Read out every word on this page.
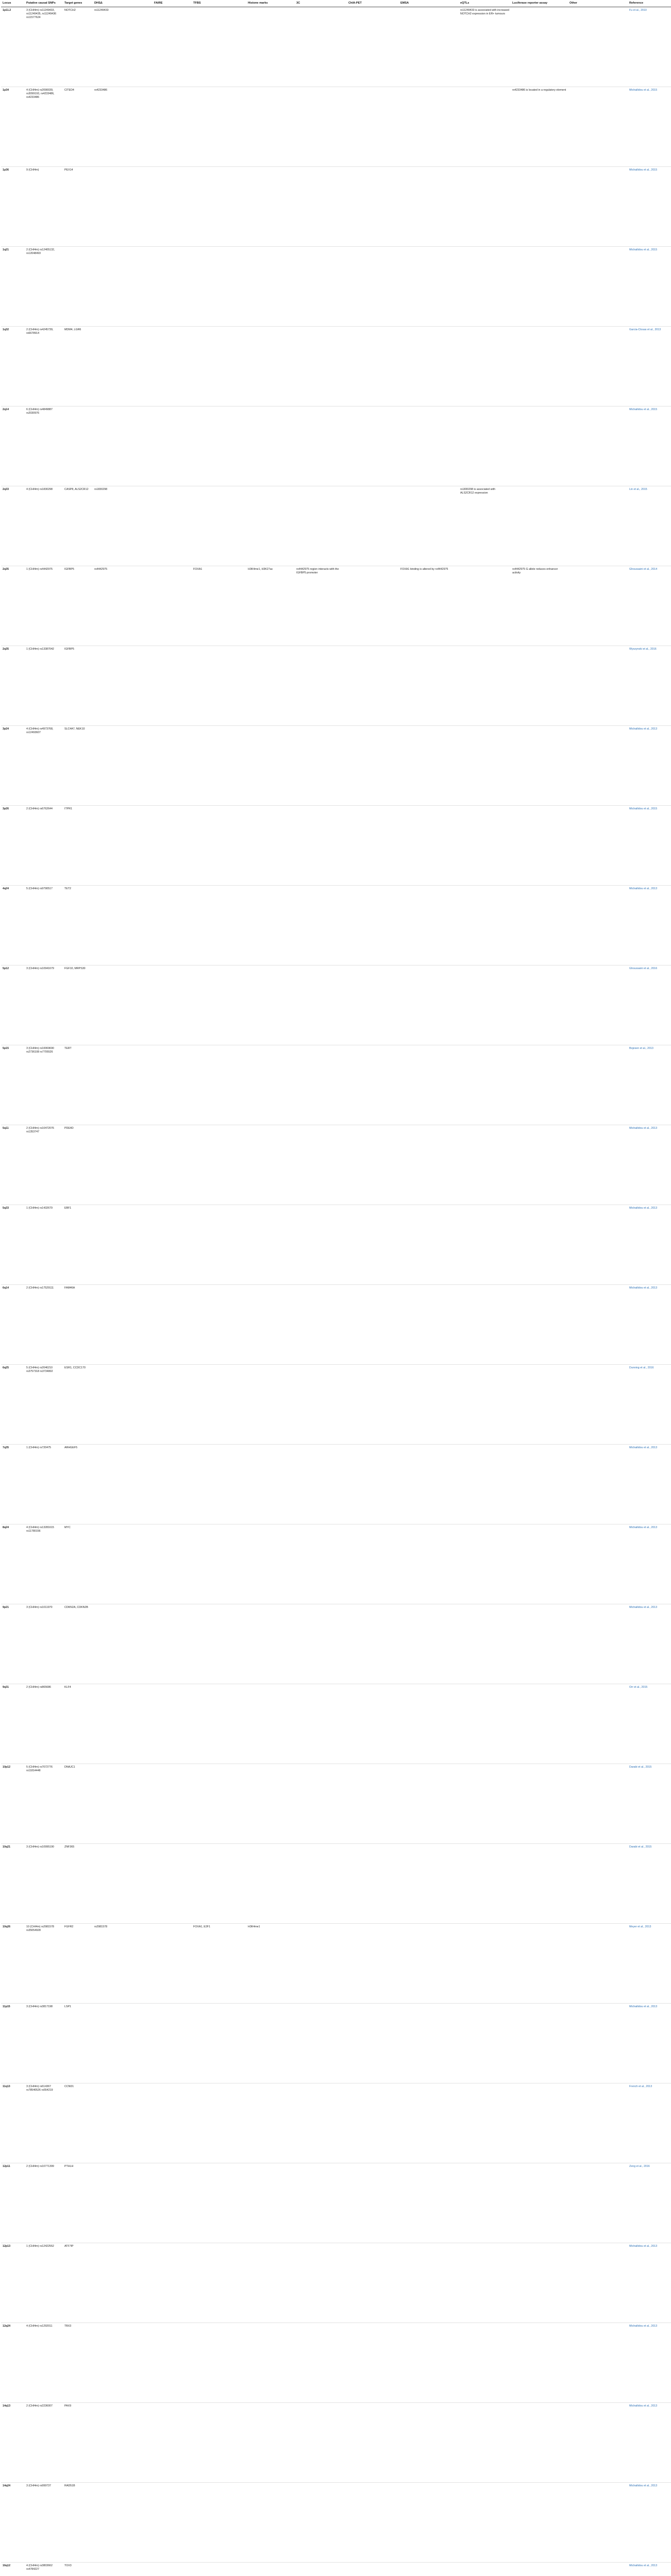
Locus	Putative causal SNPs	Target genes	DHSΔ	FAIRE	TFBS	Histone marks	3C	ChIA-PET	EMSA	eQTLs	Luciferase reporter assay	Other	Reference
1p11.2	3 (CHI4m) rs11249433, rs11249435, rs11249436 rs11577624	NOTCH2	rs11249433							rs11249433 is associated with increased NOTCH2 expression in ER+ tumours			Fu et al., 2010
1p34	4 (CHI4m) rs2090039, rs3099193, rs4233486, rs4233486	CITED4	rs4233486								rs4233486 is located in a regulatory element		Michailidou et al., 2015
1p36	9 (CHI4m)	PEX14											Michailidou et al., 2015
1q21	2 (CHI4m) rs12405132, rs12048493												Michailidou et al., 2015
1q32	2 (CHI4m) rs4245739, rs6678914	MDM4, LGR6											Garcia-Closas et al., 2013
2q14	6 (CHI4m) rs4849887 rs2030976												Michailidou et al., 2015
2q33	4 (CHI4m) rs1830298	CASP8, ALS2CR12	rs1830298							rs1830298 is associated with ALS2CR12 expression			Lin et al., 2015
2q35	1 (CHI4m) rs4442975	IGFBP5	rs4442975		FOXA1	H3K4me1, H3K27ac	rs4442975 region interacts with the IGFBP5 promoter		FOXA1 binding is altered by rs4442975		rs4442975 G allele reduces enhancer activity		Ghoussaini et al., 2014
2q35	1 (CHI4m) rs13387042	IGFBP5											Wyszynski et al., 2016
3p24	4 (CHI4m) rs4973768, rs12493607	SLC4A7, NEK10											Michailidou et al., 2013
3p26	2 (CHI4m) rs6762644	ITPR1											Michailidou et al., 2015
4q24	5 (CHI4m) rs9790517	TET2											Michailidou et al., 2013
5p12	3 (CHI4m) rs10941679	FGF10, MRPS30											Ghoussaini et al., 2016
5p15	3 (CHI4m) rs10069690 rs2736108 rs7705526	TERT											Bojesen et al., 2013
5q11	2 (CHI4m) rs10472076 rs1353747	PDE4D											Michailidou et al., 2013
5q33	1 (CHI4m) rs1432679	EBF1											Michailidou et al., 2013
6q14	2 (CHI4m) rs17529111	FAM46A											Michailidou et al., 2013
6q25	5 (CHI4m) rs2046210 rs3757318 rs3734802	ESR1, CCDC170											Dunning et al., 2016
7q35	1 (CHI4m) rs720475	ARHGEF5											Michailidou et al., 2013
8q24	4 (CHI4m) rs13281615 rs11780156	MYC											Michailidou et al., 2013
9p21	3 (CHI4m) rs1011970	CDKN2A, CDKN2B											Michailidou et al., 2013
9q31	2 (CHI4m) rs865686	KLF4											Orr et al., 2015
10p12	5 (CHI4m) rs7072776 rs11814448	DNAJC1											Darabi et al., 2015
10q21	3 (CHI4m) rs10995190	ZNF365											Darabi et al., 2015
10q26	10 (CHI4m) rs2981578 rs35054928	FGFR2	rs2981578		FOXA1, E2F1	H3K4me1							Meyer et al., 2013
11p15	3 (CHI4m) rs3817198	LSP1											Michailidou et al., 2013
11q13	3 (CHI4m) rs614367 rs78540526 rs554219	CCND1											French et al., 2013
12p11	2 (CHI4m) rs10771399	PTHLH											Zeng et al., 2016
12p13	1 (CHI4m) rs12422552	ATF7IP											Michailidou et al., 2013
12q24	4 (CHI4m) rs1292011	TBX3											Michailidou et al., 2013
14q13	2 (CHI4m) rs2236007	PAX9											Michailidou et al., 2013
14q24	3 (CHI4m) rs999737	RAD51B											Michailidou et al., 2013
16q12	4 (CHI4m) rs3803662 rs4784227	TOX3											Michailidou et al., 2013
